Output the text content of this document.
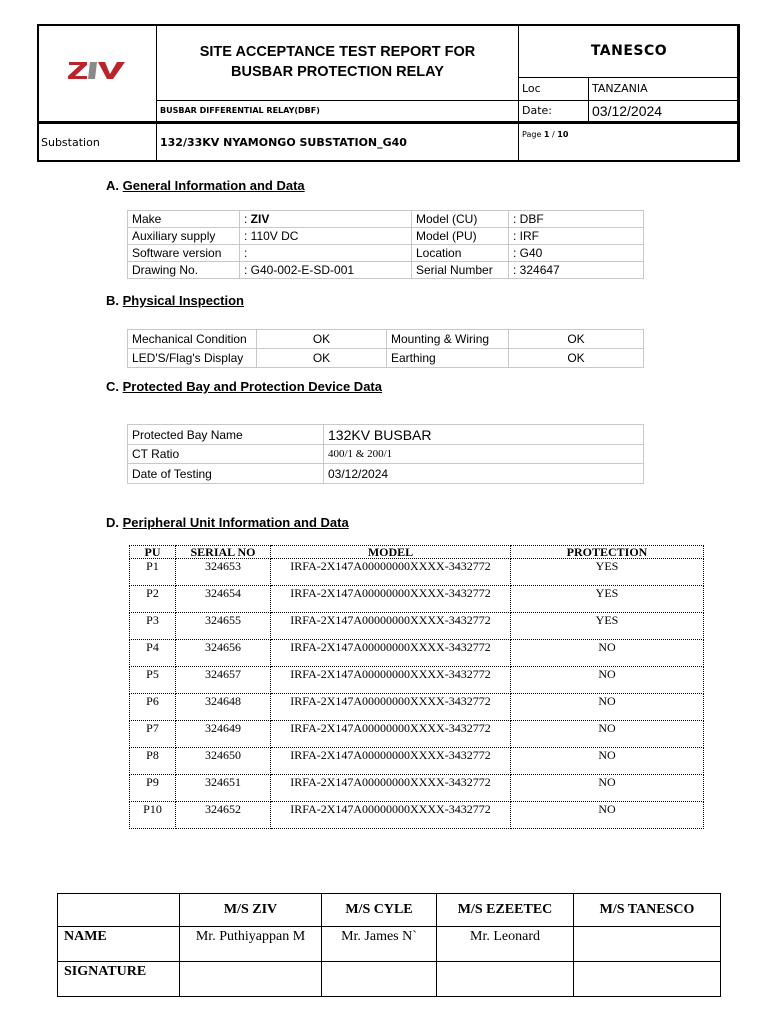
SITE ACCEPTANCE TEST REPORT FOR
BUSBAR PROTECTION RELAY	TANESCO	
		Loc	TANZANIA
	BUSBAR DIFFERENTIAL RELAY(DBF)	Date:	03/12/2024
Substation	132/33KV NYAMONGO SUBSTATION_G40	Page 1 / 10	
A. General Information and Data
Make	: ZIV	Model (CU)	: DBF
Auxiliary supply	: 110V DC	Model (PU)	: IRF
Software version	:	Location	: G40
Drawing No.	: G40-002-E-SD-001	Serial Number	: 324647
B. Physical Inspection
Mechanical Condition	OK	Mounting & Wiring	OK
LED'S/Flag's Display	OK	Earthing	OK
C. Protected Bay and Protection Device Data
Protected Bay Name	132KV BUSBAR
CT Ratio	400/1 & 200/1
Date of Testing	03/12/2024
D. Peripheral Unit Information and Data
PU	SERIAL NO	MODEL	PROTECTION
P1	324653	IRFA-2X147A00000000XXXX-3432772	YES
P2	324654	IRFA-2X147A00000000XXXX-3432772	YES
P3	324655	IRFA-2X147A00000000XXXX-3432772	YES
P4	324656	IRFA-2X147A00000000XXXX-3432772	NO
P5	324657	IRFA-2X147A00000000XXXX-3432772	NO
P6	324648	IRFA-2X147A00000000XXXX-3432772	NO
P7	324649	IRFA-2X147A00000000XXXX-3432772	NO
P8	324650	IRFA-2X147A00000000XXXX-3432772	NO
P9	324651	IRFA-2X147A00000000XXXX-3432772	NO
P10	324652	IRFA-2X147A00000000XXXX-3432772	NO
	M/S ZIV	M/S CYLE	M/S EZEETEC	M/S TANESCO
NAME	Mr. Puthiyappan M	Mr. James N`	Mr. Leonard	
SIGNATURE				
